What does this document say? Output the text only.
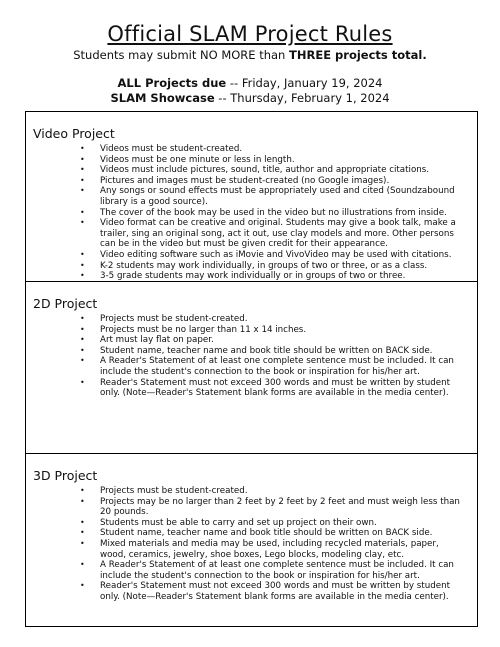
Official SLAM Project Rules
Students may submit NO MORE than THREE projects total.
ALL Projects due -- Friday, January 19, 2024
SLAM Showcase -- Thursday, February 1, 2024
Video Project
• Videos must be student-created.
• Videos must be one minute or less in length.
• Videos must include pictures, sound, title, author and appropriate citations.
• Pictures and images must be student-created (no Google images).
• Any songs or sound effects must be appropriately used and cited (Soundzabound library is a good source).
• The cover of the book may be used in the video but no illustrations from inside.
• Video format can be creative and original. Students may give a book talk, make a trailer, sing an original song, act it out, use clay models and more. Other persons can be in the video but must be given credit for their appearance.
• Video editing software such as iMovie and VivoVideo may be used with citations.
• K-2 students may work individually, in groups of two or three, or as a class.
• 3-5 grade students may work individually or in groups of two or three.
2D Project
• Projects must be student-created.
• Projects must be no larger than 11 x 14 inches.
• Art must lay flat on paper.
• Student name, teacher name and book title should be written on BACK side.
• A Reader's Statement of at least one complete sentence must be included. It can include the student's connection to the book or inspiration for his/her art.
• Reader's Statement must not exceed 300 words and must be written by student only. (Note—Reader's Statement blank forms are available in the media center).
3D Project
• Projects must be student-created.
• Projects may be no larger than 2 feet by 2 feet by 2 feet and must weigh less than 20 pounds.
• Students must be able to carry and set up project on their own.
• Student name, teacher name and book title should be written on BACK side.
• Mixed materials and media may be used, including recycled materials, paper, wood, ceramics, jewelry, shoe boxes, Lego blocks, modeling clay, etc.
• A Reader's Statement of at least one complete sentence must be included. It can include the student's connection to the book or inspiration for his/her art.
• Reader's Statement must not exceed 300 words and must be written by student only. (Note—Reader's Statement blank forms are available in the media center).
